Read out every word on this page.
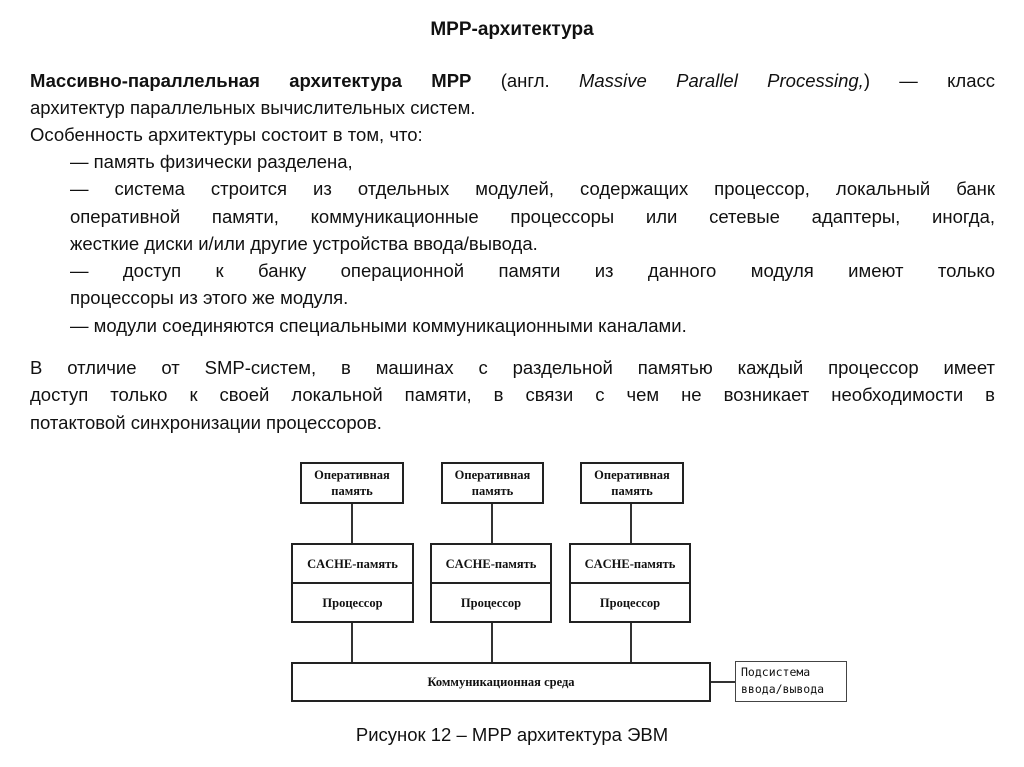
MPP-архитектура
Массивно-параллельная архитектура MPP (англ. Massive Parallel Processing,) — класс
архитектур параллельных вычислительных систем.
Особенность архитектуры состоит в том, что:
— память физически разделена,
— система строится из отдельных модулей, содержащих процессор, локальный банк
оперативной памяти, коммуникационные процессоры или сетевые адаптеры, иногда,
жесткие диски и/или другие устройства ввода/вывода.
— доступ к банку операционной памяти из данного модуля имеют только
процессоры из этого же модуля.
— модули соединяются специальными коммуникационными каналами.
В отличие от SMP-систем, в машинах с раздельной памятью каждый процессор имеет
доступ только к своей локальной памяти, в связи с чем не возникает необходимости в
потактовой синхронизации процессоров.
Оперативная память
Оперативная память
Оперативная память
CACHE-память
Процессор
CACHE-память
Процессор
CACHE-память
Процессор
Коммуникационная среда
Подсистема
ввода/вывода
Рисунок 12 – MPP архитектура ЭВМ
